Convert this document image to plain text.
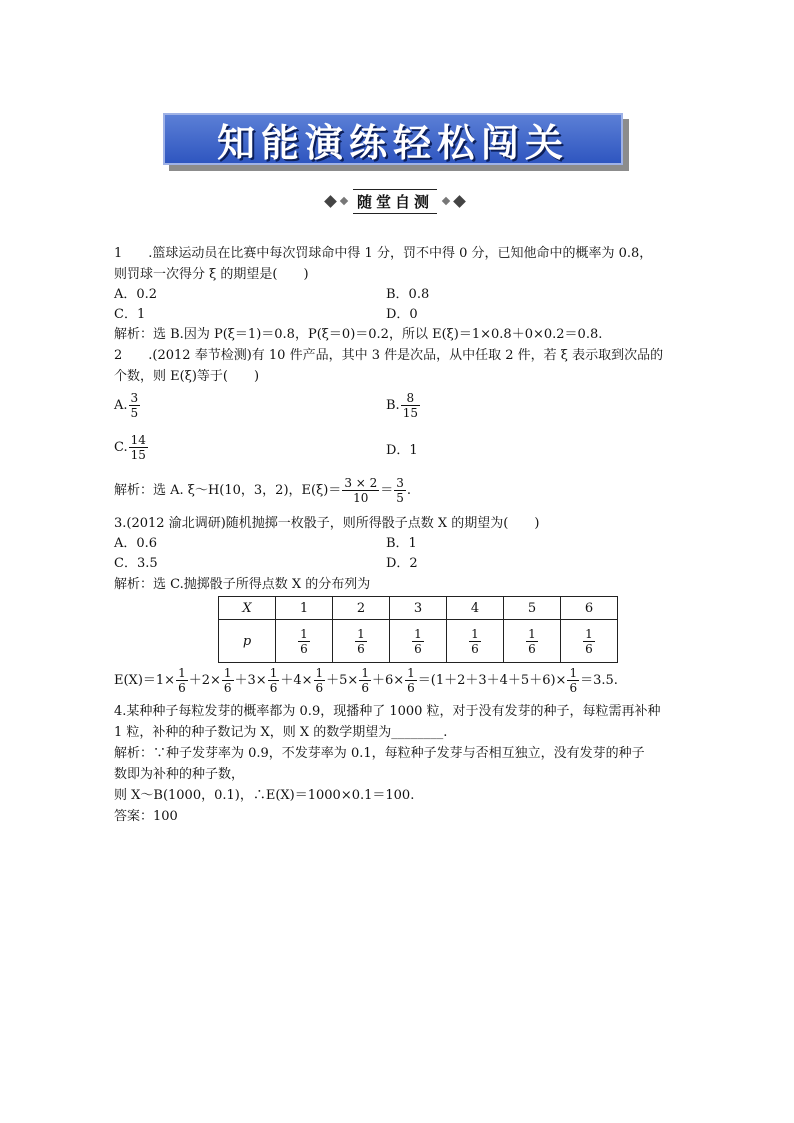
知能演练轻松闯关
随堂自测
1　　.篮球运动员在比赛中每次罚球命中得 1 分，罚不中得 0 分，已知他命中的概率为 0.8，
则罚球一次得分 ξ 的期望是(　　)
A．0.2	B．0.8
C．1	D．0
解析：选 B.因为 P(ξ＝1)＝0.8，P(ξ＝0)＝0.2，所以 E(ξ)＝1×0.8＋0×0.2＝0.8.
2　　.(2012 奉节检测)有 10 件产品，其中 3 件是次品，从中任取 2 件，若 ξ 表示取到次品的
个数，则 E(ξ)等于(　　)
A. $\frac{3}{5}$	B. $\frac{8}{15}$
C. $\frac{14}{15}$	D．1
解析：选 A. ξ～H(10，3，2)，$E(\xi)= \frac{3 \times 2}{10} = \frac{3}{5}$ .
3.(2012 渝北调研)随机抛掷一枚骰子，则所得骰子点数 X 的期望为(　　)
A．0.6	B．1
C．3.5	D．2
解析：选 C.抛掷骰子所得点数 X 的分布列为
X	1	2	3	4	5	6
p	$\frac{1}{6}$	$\frac{1}{6}$	$\frac{1}{6}$	$\frac{1}{6}$	$\frac{1}{6}$	$\frac{1}{6}$
$E(X)=1\times \frac{1}{6} +2\times \frac{1}{6} +3\times \frac{1}{6} +4\times \frac{1}{6} +5\times \frac{1}{6} +6\times \frac{1}{6} =(1+2+3+4+5+6)\times \frac{1}{6} =3.5$.
4.某种种子每粒发芽的概率都为 0.9，现播种了 1000 粒，对于没有发芽的种子，每粒需再补种
1 粒，补种的种子数记为 X，则 X 的数学期望为________.
解析：∵种子发芽率为 0.9，不发芽率为 0.1，每粒种子发芽与否相互独立，没有发芽的种子
数即为补种的种子数，
则 X～B(1000，0.1)，∴E(X)＝1000×0.1＝100.
答案：100
